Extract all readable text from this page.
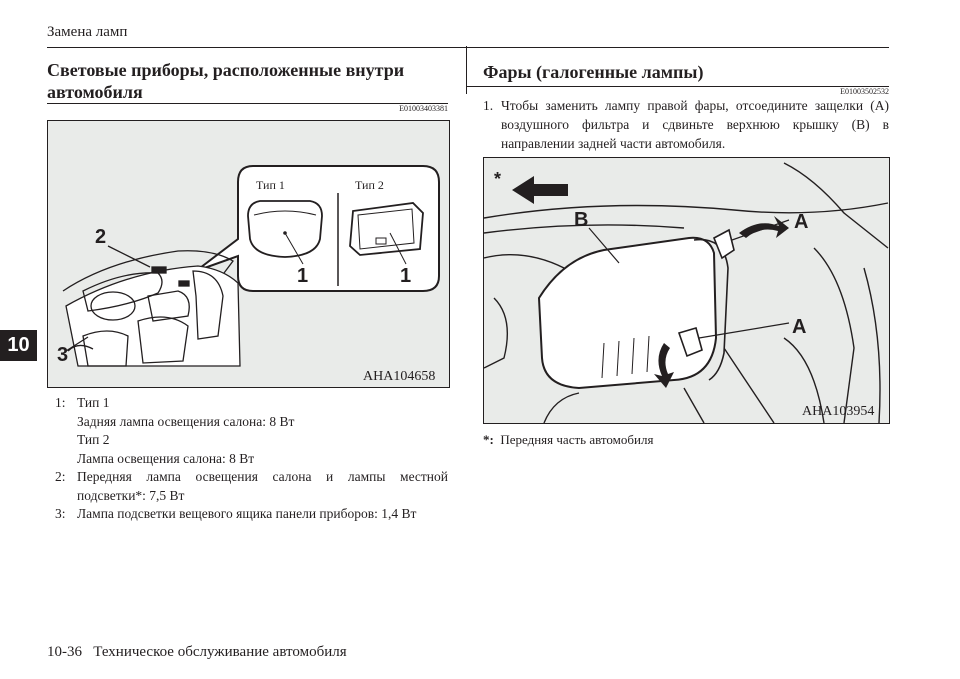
Замена ламп
10
Световые приборы, расположенные внутри автомобиля
E01003403381
Тип 1	Тип 2
1	1
2
3
AHA104658
1: Тип 1
Задняя лампа освещения салона: 8 Вт
Тип 2
Лампа освещения салона: 8 Вт
2: Передняя лампа освещения салона и лампы местной подсветки*: 7,5 Вт
3: Лампа подсветки вещевого ящика панели приборов: 1,4 Вт
Фары (галогенные лампы)
E01003502532
1. Чтобы заменить лампу правой фары, отсоедините защелки (A) воздушного фильтра и сдвиньте верхнюю крышку (B) в направлении задней части автомобиля.
*
B	A
A
AHA103954
*: Передняя часть автомобиля
10-36 Техническое обслуживание автомобиля
